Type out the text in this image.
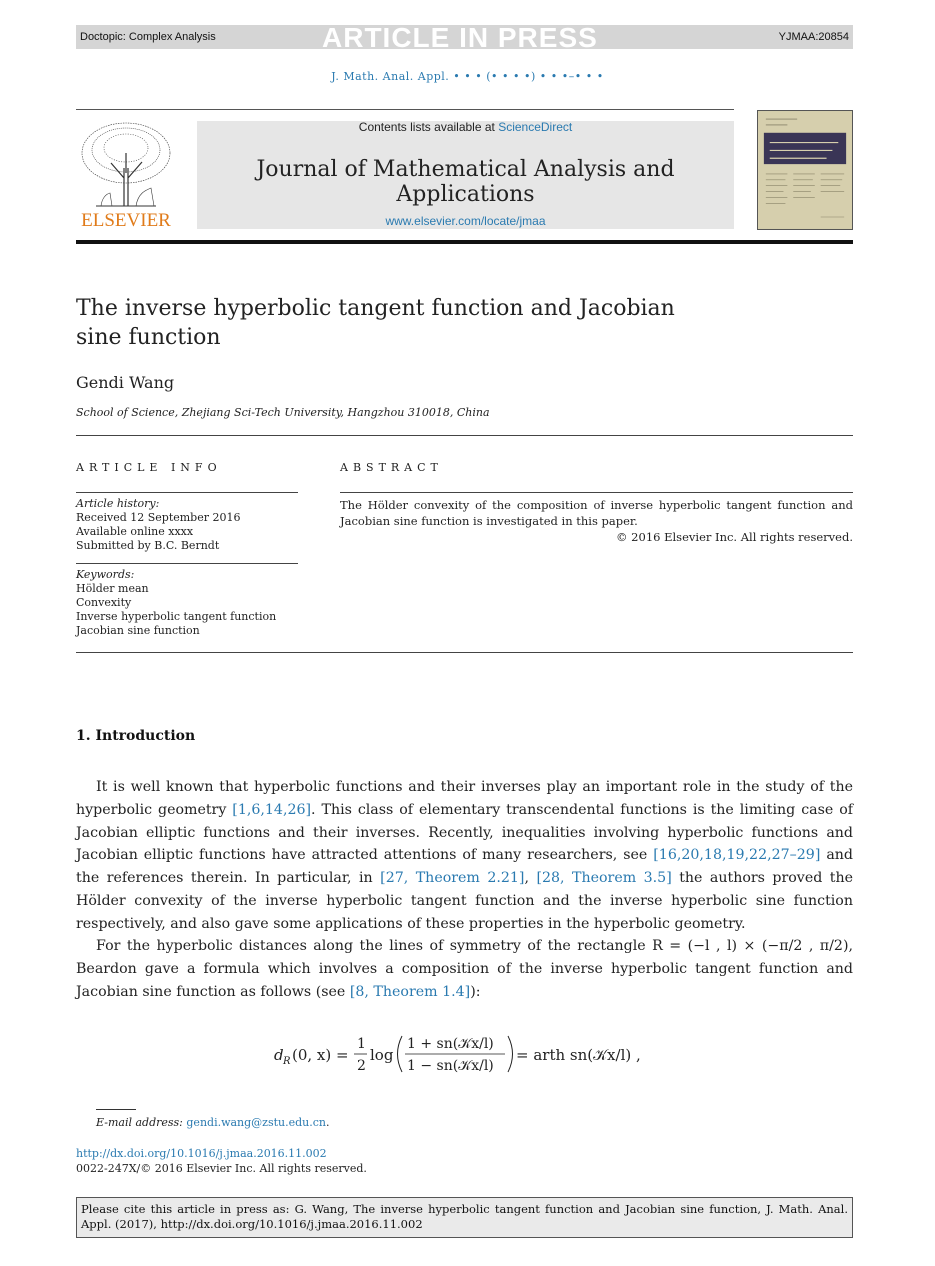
Doctopic: Complex Analysis	ARTICLE IN PRESS	YJMAA:20854
J. Math. Anal. Appl. • • • (• • • •) • • •–• • •
ELSEVIER
Contents lists available at ScienceDirect
Journal of Mathematical Analysis and Applications
www.elsevier.com/locate/jmaa
The inverse hyperbolic tangent function and Jacobian sine function
Gendi Wang
School of Science, Zhejiang Sci-Tech University, Hangzhou 310018, China
ARTICLE INFO	ABSTRACT
Article history:
Received 12 September 2016
Available online xxxx
Submitted by B.C. Berndt
Keywords:
Hölder mean
Convexity
Inverse hyperbolic tangent function
Jacobian sine function
The Hölder convexity of the composition of inverse hyperbolic tangent function and Jacobian sine function is investigated in this paper.
© 2016 Elsevier Inc. All rights reserved.
1. Introduction
It is well known that hyperbolic functions and their inverses play an important role in the study of the hyperbolic geometry [1,6,14,26]. This class of elementary transcendental functions is the limiting case of Jacobian elliptic functions and their inverses. Recently, inequalities involving hyperbolic functions and Jacobian elliptic functions have attracted attentions of many researchers, see [16,20,18,19,22,27–29] and the references therein. In particular, in [27, Theorem 2.21], [28, Theorem 3.5] the authors proved the Hölder convexity of the inverse hyperbolic tangent function and the inverse hyperbolic sine function respectively, and also gave some applications of these properties in the hyperbolic geometry.
For the hyperbolic distances along the lines of symmetry of the rectangle R = (−l , l) × (−π/2 , π/2), Beardon gave a formula which involves a composition of the inverse hyperbolic tangent function and Jacobian sine function as follows (see [8, Theorem 1.4]):
d R (0, x) =
1
2
log
1 + sn(𝒦x/l)
1 − sn(𝒦x/l)
= arth sn(𝒦x/l) ,
E-mail address: gendi.wang@zstu.edu.cn.
http://dx.doi.org/10.1016/j.jmaa.2016.11.002
0022-247X/© 2016 Elsevier Inc. All rights reserved.
Please cite this article in press as: G. Wang, The inverse hyperbolic tangent function and Jacobian sine function, J. Math. Anal. Appl. (2017), http://dx.doi.org/10.1016/j.jmaa.2016.11.002
